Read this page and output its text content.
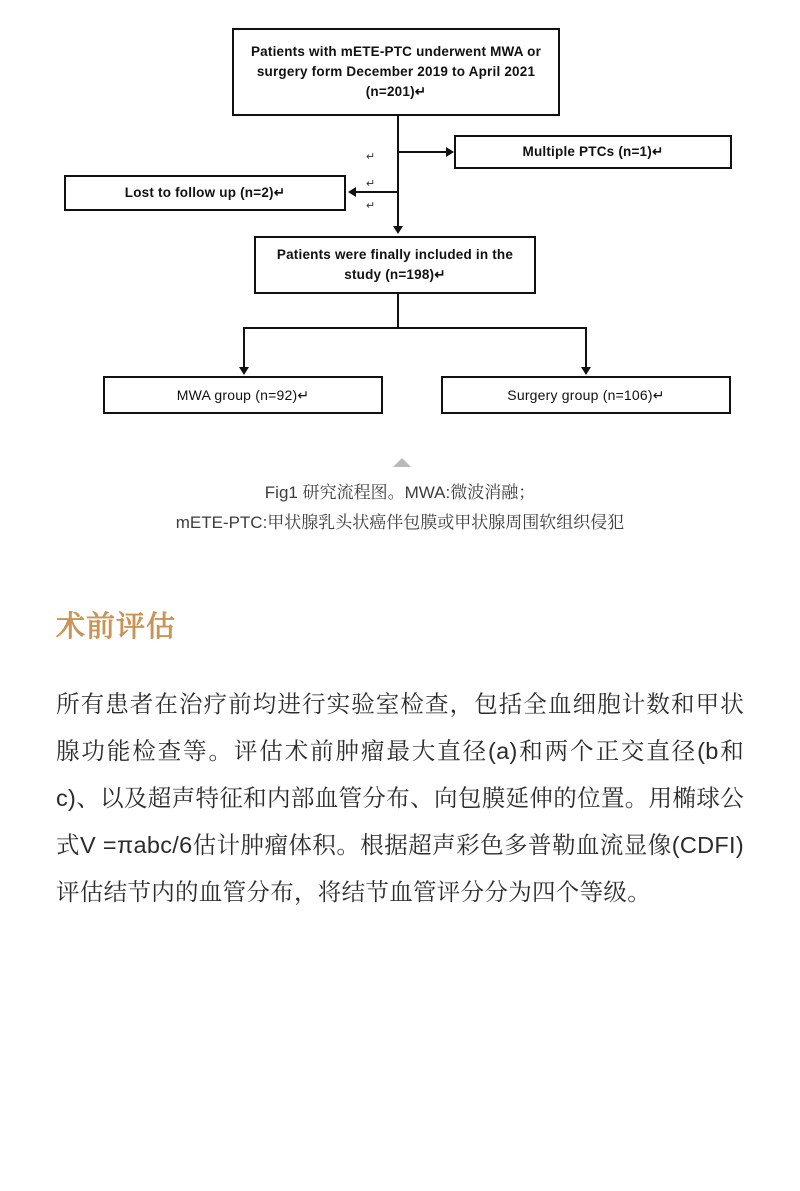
Patients with mETE-PTC underwent MWA or surgery form December 2019 to April 2021 (n=201)↵
Multiple PTCs (n=1)↵
Lost to follow up (n=2)↵
↵
↵
↵
Patients were finally included in the study (n=198)↵
MWA group (n=92)↵	Surgery group (n=106)↵
Fig1 研究流程图。MWA:微波消融；
mETE-PTC:甲状腺乳头状癌伴包膜或甲状腺周围软组织侵犯
术前评估

所有患者在治疗前均进行实验室检查，包括全血细胞计数和甲状腺功能检查等。评估术前肿瘤最大直径(a)和两个正交直径(b和c)、以及超声特征和内部血管分布、向包膜延伸的位置。用椭球公式V =πabc/6估计肿瘤体积。根据超声彩色多普勒血流显像(CDFI)评估结节内的血管分布，将结节血管评分分为四个等级。
